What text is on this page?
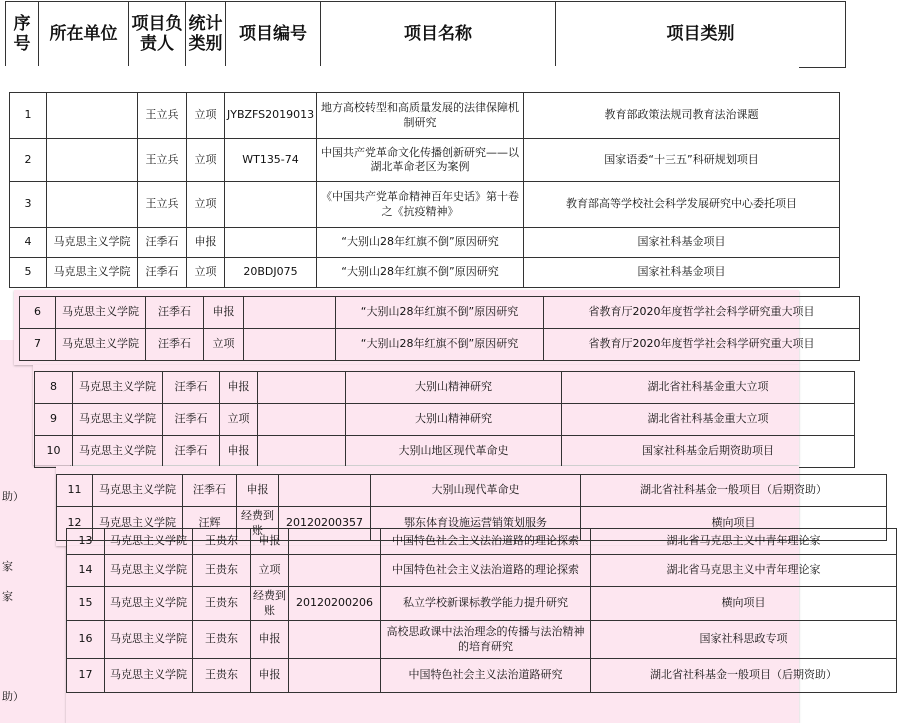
序号	所在单位	项目负责人	统计类别	项目编号	项目名称	项目类别
助）
家
家
助）
1		王立兵	立项	JYBZFS2019013	地方高校转型和高质量发展的法律保障机制研究	教育部政策法规司教育法治课题
2		王立兵	立项	WT135-74	中国共产党革命文化传播创新研究——以湖北革命老区为案例	国家语委“十三五”科研规划项目
3		王立兵	立项		《中国共产党革命精神百年史话》第十卷之《抗疫精神》	教育部高等学校社会科学发展研究中心委托项目
4	马克思主义学院	汪季石	申报		“大别山28年红旗不倒”原因研究	国家社科基金项目
5	马克思主义学院	汪季石	立项	20BDJ075	“大别山28年红旗不倒”原因研究	国家社科基金项目
6	马克思主义学院	汪季石	申报		“大别山28年红旗不倒”原因研究	省教育厅2020年度哲学社会科学研究重大项目
7	马克思主义学院	汪季石	立项		“大别山28年红旗不倒”原因研究	省教育厅2020年度哲学社会科学研究重大项目
8	马克思主义学院	汪季石	申报		大别山精神研究	湖北省社科基金重大立项
9	马克思主义学院	汪季石	立项		大别山精神研究	湖北省社科基金重大立项
10	马克思主义学院	汪季石	申报		大别山地区现代革命史	国家社科基金后期资助项目
11	马克思主义学院	汪季石	申报		大别山现代革命史	湖北省社科基金一般项目（后期资助）
12	马克思主义学院	汪辉	经费到账	20120200357	鄂东体育设施运营销策划服务	横向项目
13	马克思主义学院	王贵东	申报		中国特色社会主义法治道路的理论探索	湖北省马克思主义中青年理论家
14	马克思主义学院	王贵东	立项		中国特色社会主义法治道路的理论探索	湖北省马克思主义中青年理论家
15	马克思主义学院	王贵东	经费到账	20120200206	私立学校新课标教学能力提升研究	横向项目
16	马克思主义学院	王贵东	申报		高校思政课中法治理念的传播与法治精神的培育研究	国家社科思政专项
17	马克思主义学院	王贵东	申报		中国特色社会主义法治道路研究	湖北省社科基金一般项目（后期资助）
